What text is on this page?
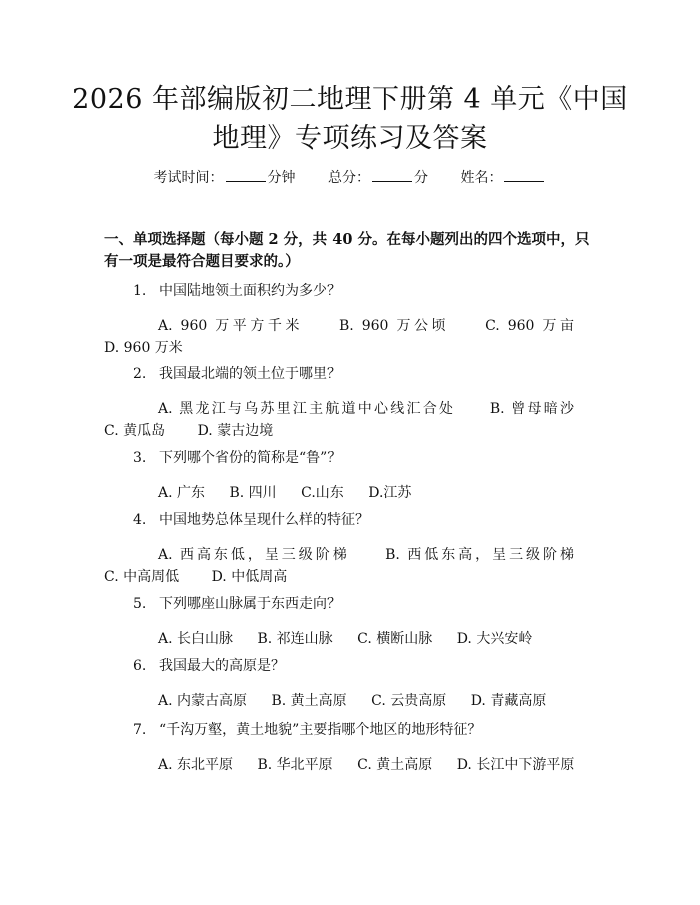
2026 年部编版初二地理下册第 4 单元《中国
地理》专项练习及答案
考试时间：	分钟 总分：	分 姓名：

一、单项选择题（每小题 2 分，共 40 分。在每小题列出的四个选项中，只有一项是最符合题目要求的。）

1. 中国陆地领土面积约为多少？
A. 960 万平方千米	B. 960 万公顷	C. 960 万亩 D. 960 万米
2. 我国最北端的领土位于哪里？
A. 黑龙江与乌苏里江主航道中心线汇合处 B. 曾母暗沙 C. 黄瓜岛 D. 蒙古边境
3. 下列哪个省份的简称是“鲁”？
A. 广东 B. 四川 C.山东 D.江苏
4. 中国地势总体呈现什么样的特征？
A. 西高东低，呈三级阶梯	B. 西低东高，呈三级阶梯 C. 中高周低 D. 中低周高
5. 下列哪座山脉属于东西走向？
A. 长白山脉 B. 祁连山脉 C. 横断山脉 D. 大兴安岭
6. 我国最大的高原是？
A. 内蒙古高原 B. 黄土高原 C. 云贵高原 D. 青藏高原
7. “千沟万壑，黄土地貌”主要指哪个地区的地形特征？
A. 东北平原 B. 华北平原 C. 黄土高原 D. 长江中下游平原
